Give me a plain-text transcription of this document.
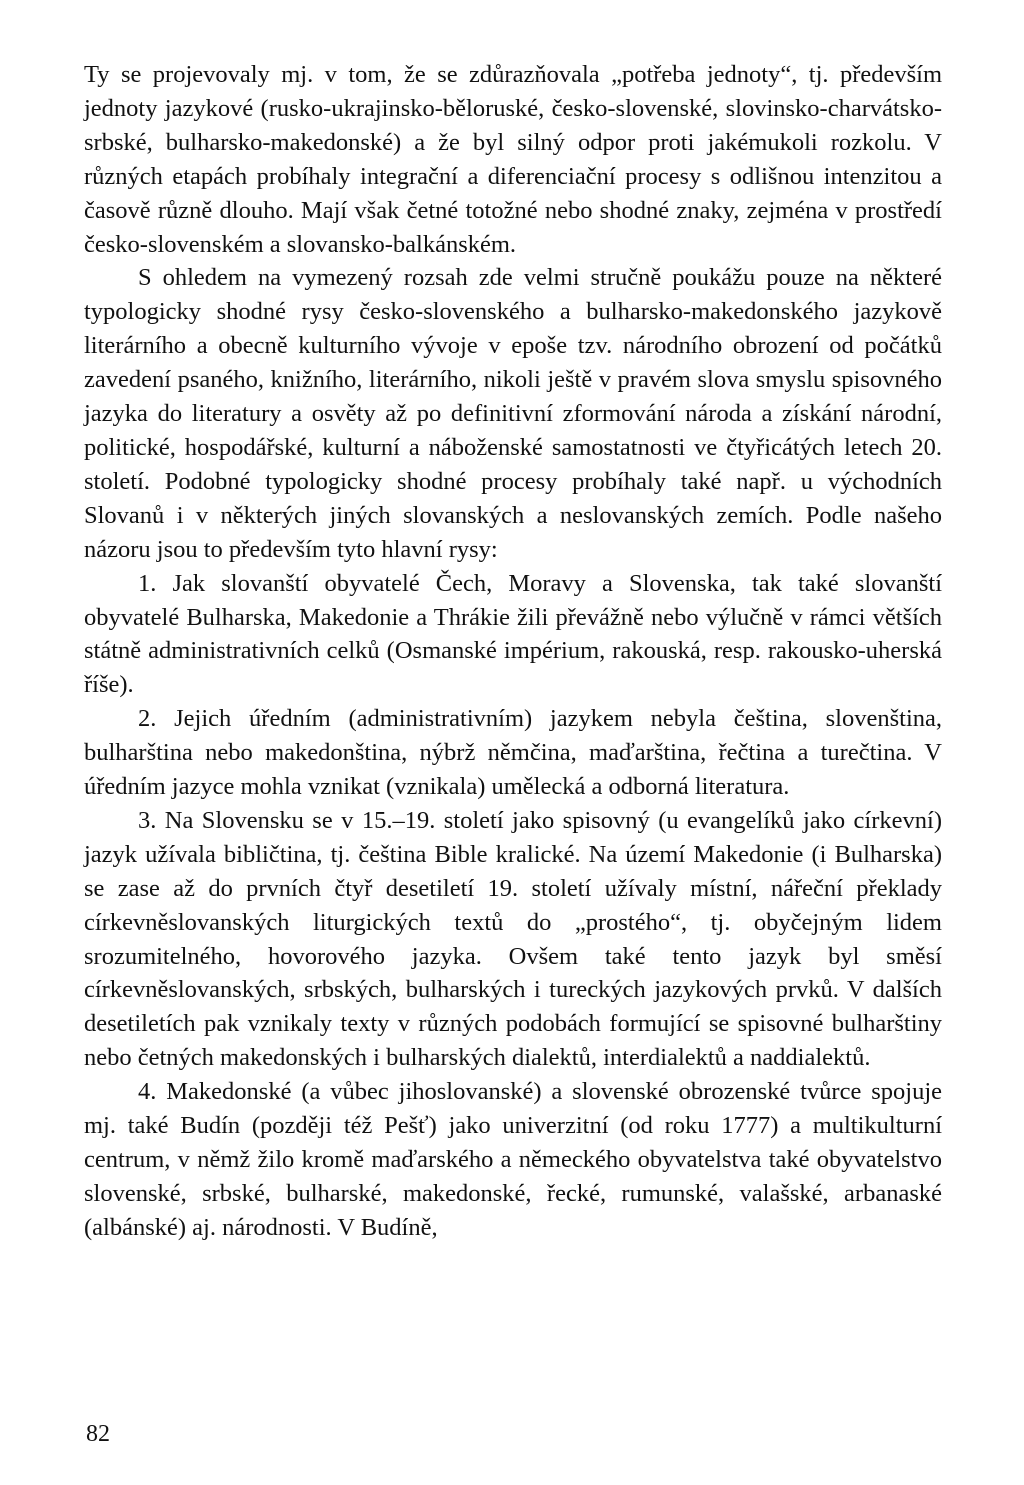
Ty se projevovaly mj. v tom, že se zdůrazňovala „potřeba jednoty“, tj. především jednoty jazykové (rusko-ukrajinsko-běloruské, česko-slovenské, slovinsko-charvátsko-srbské, bulharsko-makedonské) a že byl silný odpor proti jakémukoli rozkolu. V různých etapách probíhaly integrační a diferenciační procesy s odlišnou intenzitou a časově různě dlouho. Mají však četné totožné nebo shodné znaky, zejména v prostředí česko-slovenském a slovansko-balkánském.

S ohledem na vymezený rozsah zde velmi stručně poukážu pouze na některé typologicky shodné rysy česko-slovenského a bulharsko-makedonského jazykově literárního a obecně kulturního vývoje v epoše tzv. národního obrození od počátků zavedení psaného, knižního, literárního, nikoli ještě v pravém slova smyslu spisovného jazyka do literatury a osvěty až po definitivní zformování národa a získání národní, politické, hospodářské, kulturní a náboženské samostatnosti ve čtyřicátých letech 20. století. Podobné typologicky shodné procesy probíhaly také např. u východních Slovanů i v některých jiných slovanských a neslovanských zemích. Podle našeho názoru jsou to především tyto hlavní rysy:

1. Jak slovanští obyvatelé Čech, Moravy a Slovenska, tak také slovanští obyvatelé Bulharska, Makedonie a Thrákie žili převážně nebo výlučně v rámci větších státně administrativních celků (Osmanské impérium, rakouská, resp. rakousko-uherská říše).

2. Jejich úředním (administrativním) jazykem nebyla čeština, slovenština, bulharština nebo makedonština, nýbrž němčina, maďarština, řečtina a turečtina. V úředním jazyce mohla vznikat (vznikala) umělecká a odborná literatura.

3. Na Slovensku se v 15.–19. století jako spisovný (u evangelíků jako církevní) jazyk užívala bibličtina, tj. čeština Bible kralické. Na území Makedonie (i Bulharska) se zase až do prvních čtyř desetiletí 19. století užívaly místní, nářeční překlady církevněslovanských liturgických textů do „prostého“, tj. obyčejným lidem srozumitelného, hovorového jazyka. Ovšem také tento jazyk byl směsí církevněslovanských, srbských, bulharských i tureckých jazykových prvků. V dalších desetiletích pak vznikaly texty v různých podobách formující se spisovné bulharštiny nebo četných makedonských i bulharských dialektů, interdialektů a naddialektů.

4. Makedonské (a vůbec jihoslovanské) a slovenské obrozenské tvůrce spojuje mj. také Budín (později též Pešť) jako univerzitní (od roku 1777) a multikulturní centrum, v němž žilo kromě maďarského a německého obyvatelstva také obyvatelstvo slovenské, srbské, bulharské, makedonské, řecké, rumunské, valašské, arbanaské (albánské) aj. národnosti. V Budíně,

82
